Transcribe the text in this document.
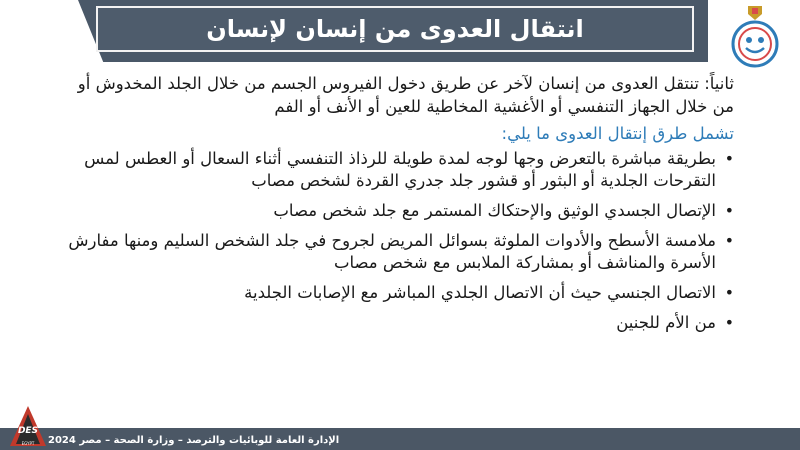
انتقال العدوى من إنسان لإنسان

ثانياً: تنتقل العدوى من إنسان لآخر عن طريق دخول الفيروس الجسم من خلال الجلد المخدوش أو من خلال الجهاز التنفسي أو الأغشية المخاطية للعين أو الأنف أو الفم

تشمل طرق إنتقال العدوى ما يلي:

•
بطريقة مباشرة بالتعرض وجها لوجه لمدة طويلة للرذاذ التنفسي أثناء السعال أو العطس لمس التقرحات الجلدية أو البثور أو قشور جلد جدري القردة لشخص مصاب
•
الإتصال الجسدي الوثيق والإحتكاك المستمر مع جلد شخص مصاب
•
ملامسة الأسطح والأدوات الملوثة بسوائل المريض لجروح في جلد الشخص السليم ومنها مفارش الأسرة والمناشف أو بمشاركة الملابس مع شخص مصاب
•
الاتصال الجنسي حيث أن الاتصال الجلدي المباشر مع الإصابات الجلدية
•
من الأم للجنين
الإدارة العامة للوبائيات والترصد – وزارة الصحة – مصر 2024
DES
EGYPT
